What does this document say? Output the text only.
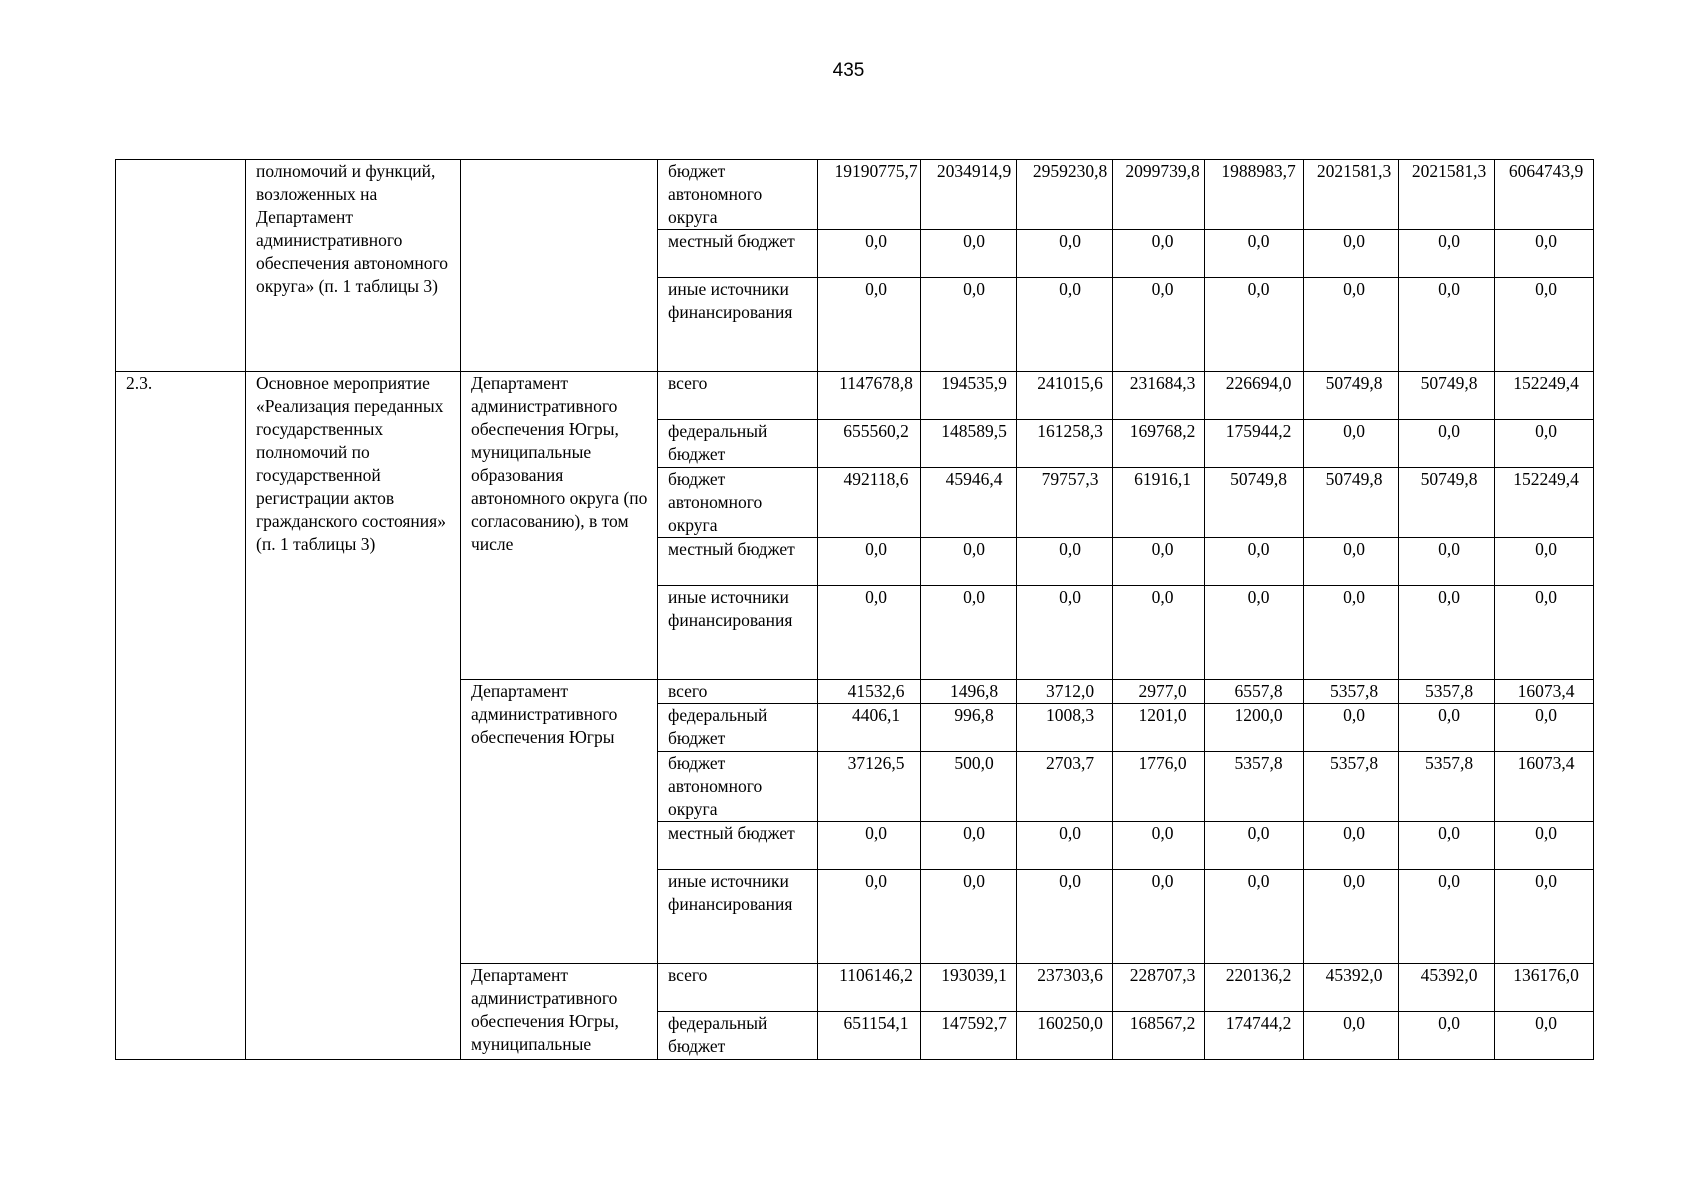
435
	полномочий и функций, возложенных на Департамент административного обеспечения автономного округа» (п. 1 таблицы 3)		бюджет автономного округа	19190775,7	2034914,9	2959230,8	2099739,8	1988983,7	2021581,3	2021581,3	6064743,9

			местный бюджет	0,0	0,0	0,0	0,0	0,0	0,0	0,0	0,0

			иные источники финансирования	0,0	0,0	0,0	0,0	0,0	0,0	0,0	0,0

2.3.	Основное мероприятие «Реализация переданных государственных полномочий по государственной регистрации актов гражданского состояния» (п. 1 таблицы 3)	Департамент административного обеспечения Югры, муниципальные образования автономного округа (по согласованию), в том числе	всего	1147678,8	194535,9	241015,6	231684,3	226694,0	50749,8	50749,8	152249,4

			федеральный бюджет	655560,2	148589,5	161258,3	169768,2	175944,2	0,0	0,0	0,0

			бюджет автономного округа	492118,6	45946,4	79757,3	61916,1	50749,8	50749,8	50749,8	152249,4

			местный бюджет	0,0	0,0	0,0	0,0	0,0	0,0	0,0	0,0

			иные источники финансирования	0,0	0,0	0,0	0,0	0,0	0,0	0,0	0,0

		Департамент административного обеспечения Югры	всего	41532,6	1496,8	3712,0	2977,0	6557,8	5357,8	5357,8	16073,4

			федеральный бюджет	4406,1	996,8	1008,3	1201,0	1200,0	0,0	0,0	0,0

			бюджет автономного округа	37126,5	500,0	2703,7	1776,0	5357,8	5357,8	5357,8	16073,4

			местный бюджет	0,0	0,0	0,0	0,0	0,0	0,0	0,0	0,0

			иные источники финансирования	0,0	0,0	0,0	0,0	0,0	0,0	0,0	0,0

		Департамент административного обеспечения Югры, муниципальные	всего	1106146,2	193039,1	237303,6	228707,3	220136,2	45392,0	45392,0	136176,0

			федеральный бюджет	651154,1	147592,7	160250,0	168567,2	174744,2	0,0	0,0	0,0
